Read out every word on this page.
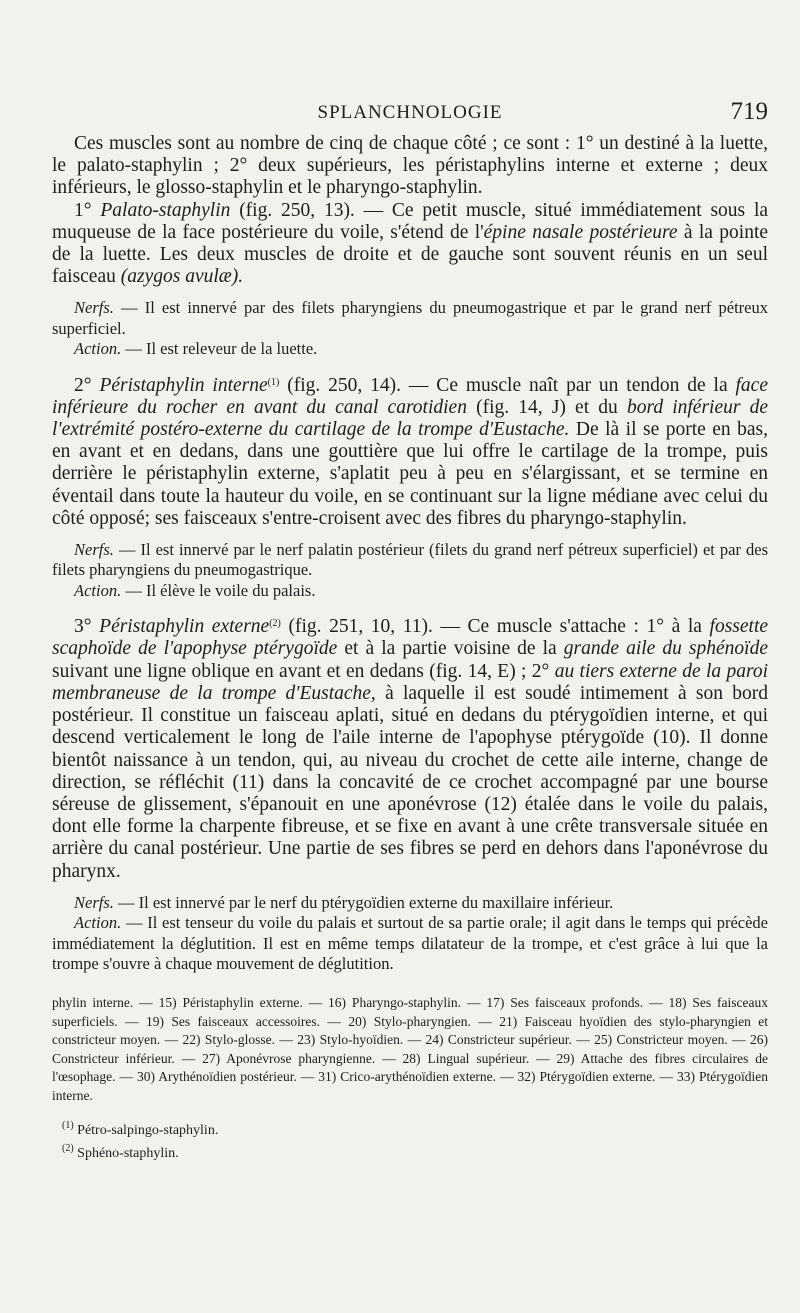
SPLANCHNOLOGIE	719

Ces muscles sont au nombre de cinq de chaque côté ; ce sont : 1° un destiné à la luette, le palato-staphylin ; 2° deux supérieurs, les péristaphylins interne et externe ; deux inférieurs, le glosso-staphylin et le pharyngo-staphylin.

1° Palato-staphylin (fig. 250, 13). — Ce petit muscle, situé immédiatement sous la muqueuse de la face postérieure du voile, s'étend de l'épine nasale postérieure à la pointe de la luette. Les deux muscles de droite et de gauche sont souvent réunis en un seul faisceau (azygos avulæ).

Nerfs. — Il est innervé par des filets pharyngiens du pneumogastrique et par le grand nerf pétreux superficiel.

Action. — Il est releveur de la luette.

2° Péristaphylin interne$^{(1)}$ (fig. 250, 14). — Ce muscle naît par un tendon de la face inférieure du rocher en avant du canal carotidien (fig. 14, J) et du bord inférieur de l'extrémité postéro-externe du cartilage de la trompe d'Eustache. De là il se porte en bas, en avant et en dedans, dans une gouttière que lui offre le cartilage de la trompe, puis derrière le péristaphylin externe, s'aplatit peu à peu en s'élargissant, et se termine en éventail dans toute la hauteur du voile, en se continuant sur la ligne médiane avec celui du côté opposé; ses faisceaux s'entre-croisent avec des fibres du pharyngo-staphylin.

Nerfs. — Il est innervé par le nerf palatin postérieur (filets du grand nerf pétreux superficiel) et par des filets pharyngiens du pneumogastrique.

Action. — Il élève le voile du palais.

3° Péristaphylin externe$^{(2)}$ (fig. 251, 10, 11). — Ce muscle s'attache : 1° à la fossette scaphoïde de l'apophyse ptérygoïde et à la partie voisine de la grande aile du sphénoïde suivant une ligne oblique en avant et en dedans (fig. 14, E) ; 2° au tiers externe de la paroi membraneuse de la trompe d'Eustache, à laquelle il est soudé intimement à son bord postérieur. Il constitue un faisceau aplati, situé en dedans du ptérygoïdien interne, et qui descend verticalement le long de l'aile interne de l'apophyse ptérygoïde (10). Il donne bientôt naissance à un tendon, qui, au niveau du crochet de cette aile interne, change de direction, se réfléchit (11) dans la concavité de ce crochet accompagné par une bourse séreuse de glissement, s'épanouit en une aponévrose (12) étalée dans le voile du palais, dont elle forme la charpente fibreuse, et se fixe en avant à une crête transversale située en arrière du canal postérieur. Une partie de ses fibres se perd en dehors dans l'aponévrose du pharynx.

Nerfs. — Il est innervé par le nerf du ptérygoïdien externe du maxillaire inférieur.

Action. — Il est tenseur du voile du palais et surtout de sa partie orale; il agit dans le temps qui précède immédiatement la déglutition. Il est en même temps dilatateur de la trompe, et c'est grâce à lui que la trompe s'ouvre à chaque mouvement de déglutition.

phylin interne. — 15) Péristaphylin externe. — 16) Pharyngo-staphylin. — 17) Ses faisceaux profonds. — 18) Ses faisceaux superficiels. — 19) Ses faisceaux accessoires. — 20) Stylo-pharyngien. — 21) Faisceau hyoïdien des stylo-pharyngien et constricteur moyen. — 22) Stylo-glosse. — 23) Stylo-hyoïdien. — 24) Constricteur supérieur. — 25) Constricteur moyen. — 26) Constricteur inférieur. — 27) Aponévrose pharyngienne. — 28) Lingual supérieur. — 29) Attache des fibres circulaires de l'œsophage. — 30) Arythénoïdien postérieur. — 31) Crico-arythénoïdien externe. — 32) Ptérygoïdien externe. — 33) Ptérygoïdien interne.

$^{(1)}$ Pétro-salpingo-staphylin.
$^{(2)}$ Sphéno-staphylin.
